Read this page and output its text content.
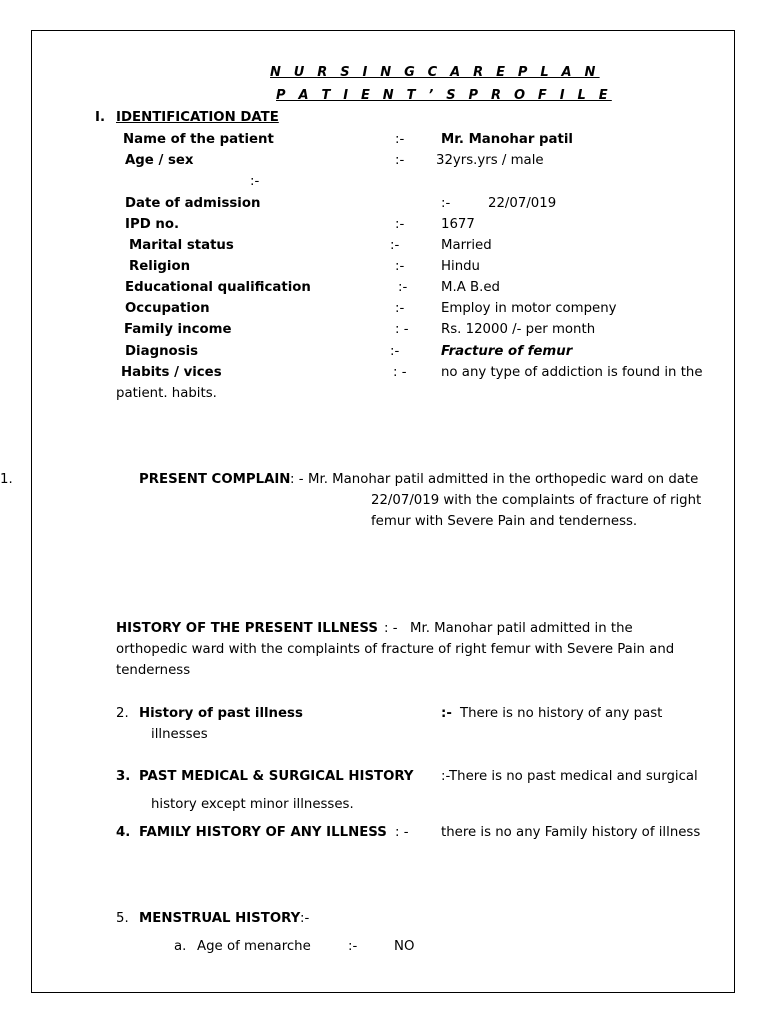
N U R S I N G C A R E P L A N
P A T I E N T ’ S P R O F I L E
I. IDENTIFICATION DATE
Name of the patient	:-	Mr. Manohar patil
Age / sex	:- 32yrs.yrs / male
:-
Date of admission	:-	22/07/019
IPD no.	:-	1677
Marital status	:-	Married
Religion	:-	Hindu
Educational qualification	:-	M.A B.ed
Occupation	:-	Employ in motor compeny
Family income	: - Rs. 12000 /- per month
Diagnosis	:-	Fracture of femur
Habits / vices	: -	no any type of addiction is found in the
patient. habits.
1.	PRESENT COMPLAIN : - Mr. Manohar patil admitted in the orthopedic ward on date
22/07/019 with the complaints of fracture of right
femur with Severe Pain and tenderness.
HISTORY OF THE PRESENT ILLNESS : - Mr. Manohar patil admitted in the
orthopedic ward with the complaints of fracture of right femur with Severe Pain and
tenderness
2. History of past illness	:- There is no history of any past
illnesses
3. PAST MEDICAL & SURGICAL HISTORY :-There is no past medical and surgical
history except minor illnesses.
4. FAMILY HISTORY OF ANY ILLNESS : - there is no any Family history of illness
5. MENSTRUAL HISTORY :-
a. Age of menarche	:-	NO
